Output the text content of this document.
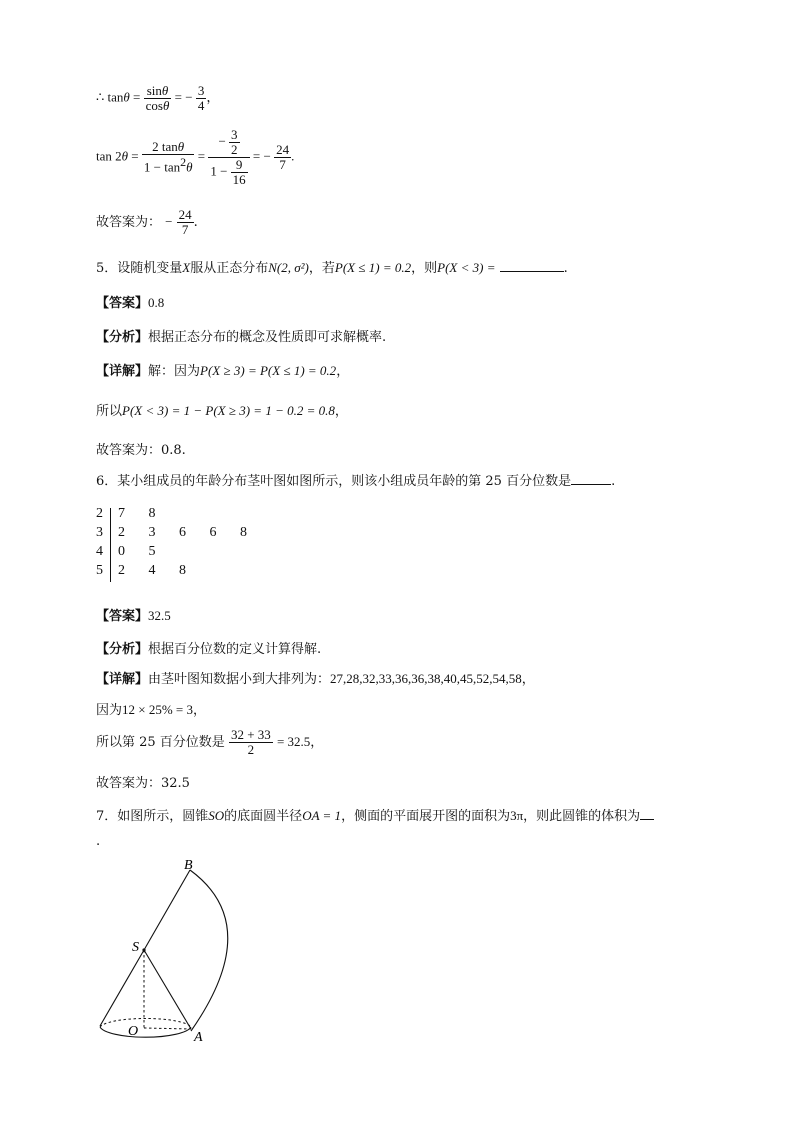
∴ $\tan\theta = \frac{\sin\theta}{\cos\theta}$ = − $\frac{3}{4}$ ，
$\tan 2\theta = \frac{2 \tan\theta}{1 - \tan^2\theta} = \frac{- \frac{3}{2}}{1 - \frac{9}{16}}$ = − $\frac{24}{7}$ .
故答案为： − $\frac{24}{7}$ .
5．设随机变量X服从正态分布N(2, σ²)，若P(X ≤ 1) = 0.2，则P(X < 3) =	.
【答案】0.8
【分析】根据正态分布的概念及性质即可求解概率.
【详解】解：因为P(X ≥ 3) = P(X ≤ 1) = 0.2，
所以P(X < 3) = 1 − P(X ≥ 3) = 1 − 0.2 = 0.8，
故答案为：0.8.
6．某小组成员的年龄分布茎叶图如图所示，则该小组成员年龄的第 25 百分位数是	.
2 7 8
3 2 3 6 6 8
4 0 5
5 2 4 8
【答案】32.5
【分析】根据百分位数的定义计算得解.
【详解】由茎叶图知数据小到大排列为：27,28,32,33,36,36,38,40,45,52,54,58，
因为12 × 25% = 3，
所以第 25 百分位数是 $\frac{32 + 33}{2} = 32.5$，
故答案为：32.5
7．如图所示，圆锥SO的底面圆半径OA = 1，侧面的平面展开图的面积为3π，则此圆锥的体积为
.
B
S
O	A
